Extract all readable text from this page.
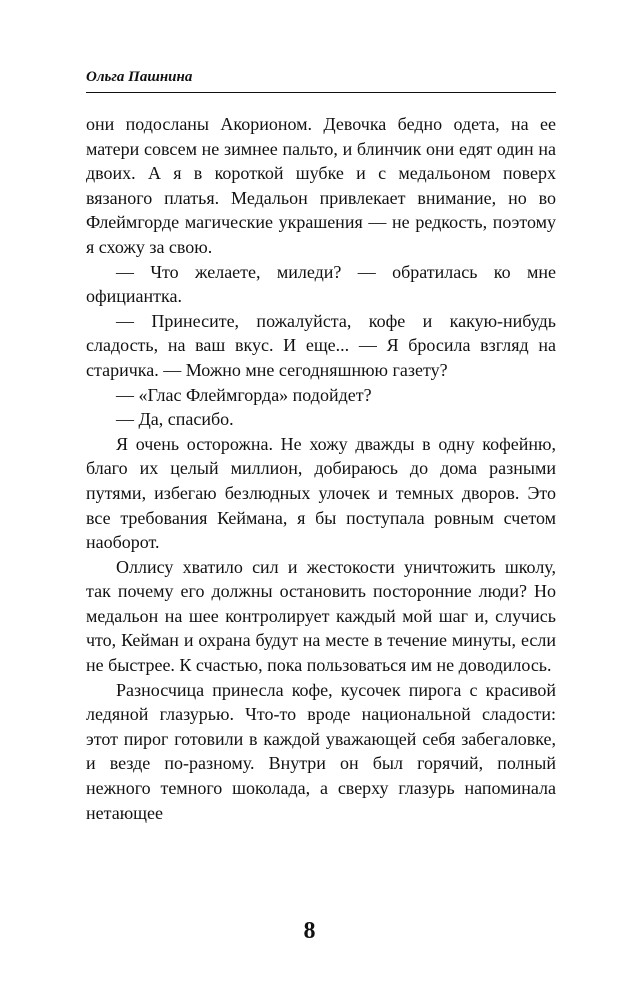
Ольга Пашнина

они подосланы Акорионом. Девочка бедно одета, на ее матери совсем не зимнее пальто, и блинчик они едят один на двоих. А я в короткой шубке и с медальоном поверх вязаного платья. Медальон привлекает внимание, но во Флеймгорде магические украшения — не редкость, поэтому я схожу за свою.

— Что желаете, миледи? — обратилась ко мне официантка.

— Принесите, пожалуйста, кофе и какую-нибудь сладость, на ваш вкус. И еще... — Я бросила взгляд на старичка. — Можно мне сегодняшнюю газету?

— «Глас Флеймгорда» подойдет?

— Да, спасибо.

Я очень осторожна. Не хожу дважды в одну кофейню, благо их целый миллион, добираюсь до дома разными путями, избегаю безлюдных улочек и темных дворов. Это все требования Кеймана, я бы поступала ровным счетом наоборот.

Оллису хватило сил и жестокости уничтожить школу, так почему его должны остановить посторонние люди? Но медальон на шее контролирует каждый мой шаг и, случись что, Кейман и охрана будут на месте в течение минуты, если не быстрее. К счастью, пока пользоваться им не доводилось.

Разносчица принесла кофе, кусочек пирога с красивой ледяной глазурью. Что-то вроде национальной сладости: этот пирог готовили в каждой уважающей себя забегаловке, и везде по-разному. Внутри он был горячий, полный нежного темного шоколада, а сверху глазурь напоминала нетающее

8
